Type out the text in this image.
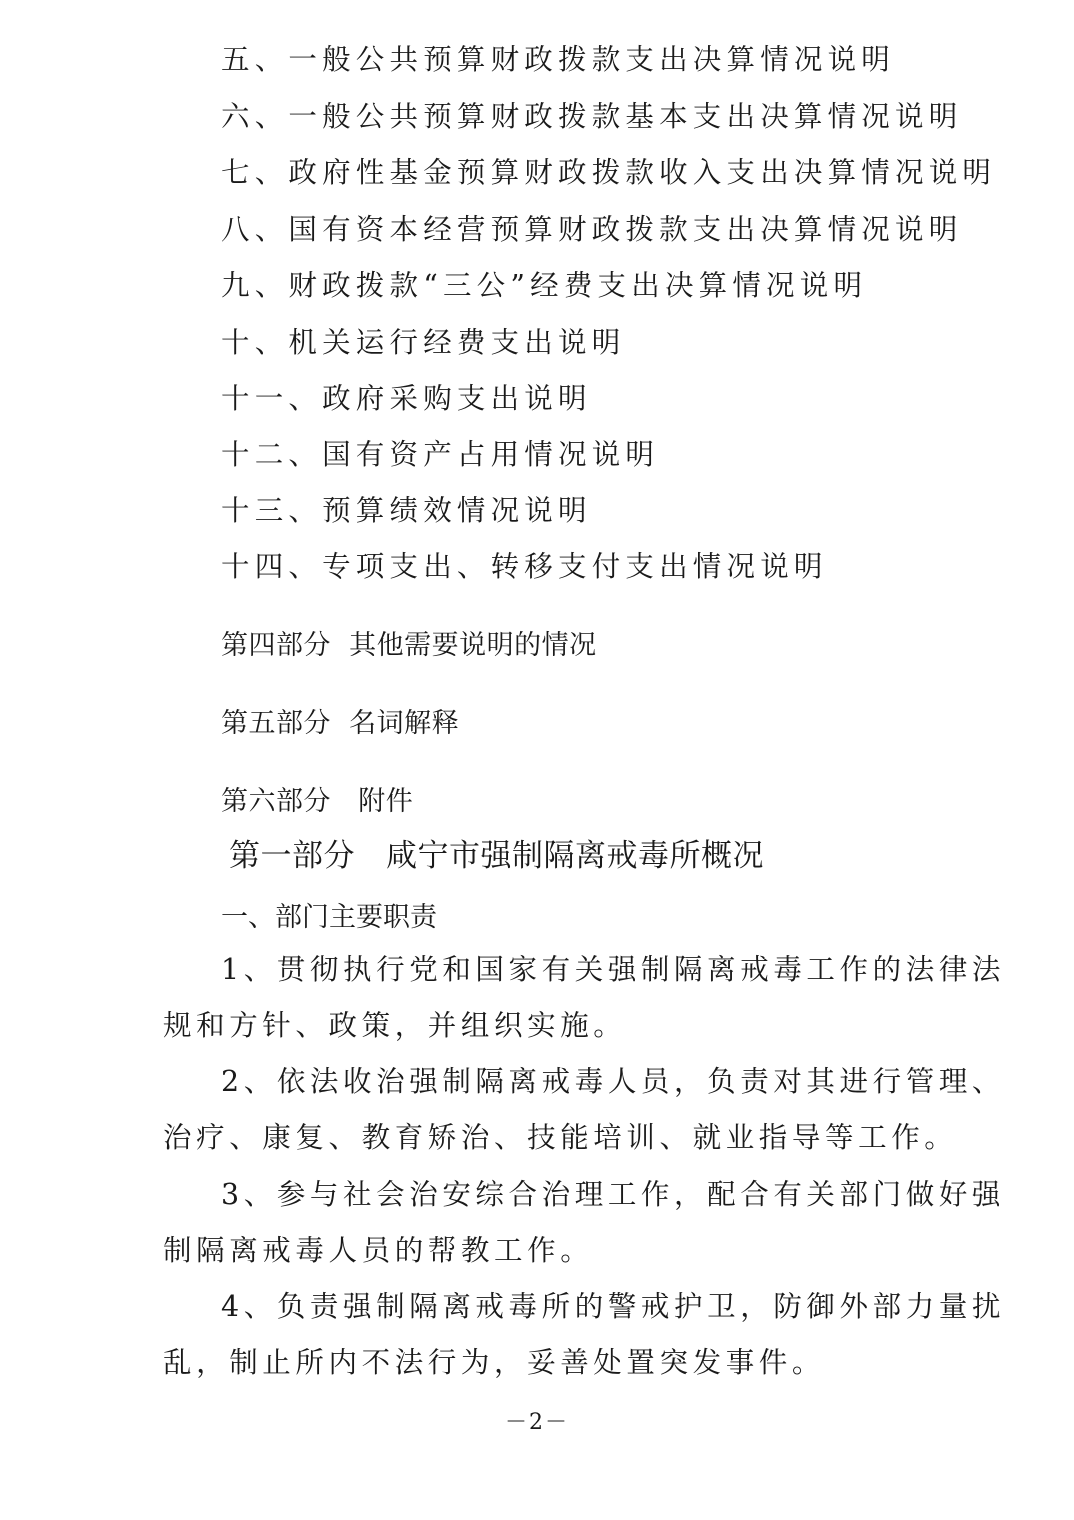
五、一般公共预算财政拨款支出决算情况说明
六、一般公共预算财政拨款基本支出决算情况说明
七、政府性基金预算财政拨款收入支出决算情况说明
八、国有资本经营预算财政拨款支出决算情况说明
九、财政拨款“三公”经费支出决算情况说明
十、机关运行经费支出说明
十一、政府采购支出说明
十二、国有资产占用情况说明
十三、预算绩效情况说明
十四、专项支出、转移支付支出情况说明
第四部分  其他需要说明的情况
第五部分  名词解释
第六部分   附件
第一部分   咸宁市强制隔离戒毒所概况
一、部门主要职责
1、贯彻执行党和国家有关强制隔离戒毒工作的法律法
规和方针、政策，并组织实施。
2、依法收治强制隔离戒毒人员，负责对其进行管理、
治疗、康复、教育矫治、技能培训、就业指导等工作。
3、参与社会治安综合治理工作，配合有关部门做好强
制隔离戒毒人员的帮教工作。
4、负责强制隔离戒毒所的警戒护卫，防御外部力量扰
乱，制止所内不法行为，妥善处置突发事件。
－2－
